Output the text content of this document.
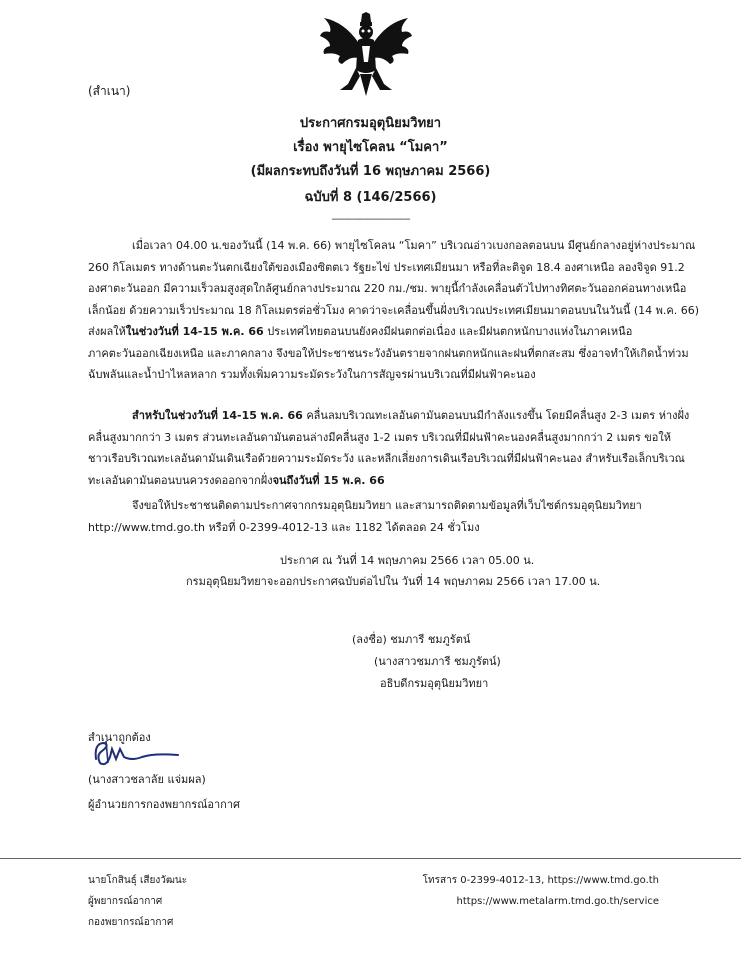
(สำเนา)
ประกาศกรมอุตุนิยมวิทยา
เรื่อง พายุไซโคลน “โมคา”
(มีผลกระทบถึงวันที่ 16 พฤษภาคม 2566)
ฉบับที่ 8 (146/2566)
------------------------------
เมื่อเวลา 04.00 น.ของวันนี้ (14 พ.ค. 66) พายุไซโคลน “โมคา” บริเวณอ่าวเบงกอลตอนบน มีศูนย์กลางอยู่ห่างประมาณ
260 กิโลเมตร ทางด้านตะวันตกเฉียงใต้ของเมืองซิตตเว รัฐยะไข่ ประเทศเมียนมา หรือที่ละติจูด 18.4 องศาเหนือ ลองจิจูด 91.2
องศาตะวันออก มีความเร็วลมสูงสุดใกล้ศูนย์กลางประมาณ 220 กม./ชม. พายุนี้กำลังเคลื่อนตัวไปทางทิศตะวันออกค่อนทางเหนือ
เล็กน้อย ด้วยความเร็วประมาณ 18 กิโลเมตรต่อชั่วโมง คาดว่าจะเคลื่อนขึ้นฝั่งบริเวณประเทศเมียนมาตอนบนในวันนี้ (14 พ.ค. 66)
ส่งผลให้ในช่วงวันที่ 14-15 พ.ค. 66 ประเทศไทยตอนบนยังคงมีฝนตกต่อเนื่อง และมีฝนตกหนักบางแห่งในภาคเหนือ
ภาคตะวันออกเฉียงเหนือ และภาคกลาง จึงขอให้ประชาชนระวังอันตรายจากฝนตกหนักและฝนที่ตกสะสม ซึ่งอาจทำให้เกิดน้ำท่วม
ฉับพลันและน้ำป่าไหลหลาก รวมทั้งเพิ่มความระมัดระวังในการสัญจรผ่านบริเวณที่มีฝนฟ้าคะนอง
สำหรับในช่วงวันที่ 14-15 พ.ค. 66 คลื่นลมบริเวณทะเลอันดามันตอนบนมีกำลังแรงขึ้น โดยมีคลื่นสูง 2-3 เมตร ห่างฝั่ง
คลื่นสูงมากกว่า 3 เมตร ส่วนทะเลอันดามันตอนล่างมีคลื่นสูง 1-2 เมตร บริเวณที่มีฝนฟ้าคะนองคลื่นสูงมากกว่า 2 เมตร ขอให้
ชาวเรือบริเวณทะเลอันดามันเดินเรือด้วยความระมัดระวัง และหลีกเลี่ยงการเดินเรือบริเวณที่มีฝนฟ้าคะนอง สำหรับเรือเล็กบริเวณ
ทะเลอันดามันตอนบนควรงดออกจากฝั่งจนถึงวันที่ 15 พ.ค. 66
จึงขอให้ประชาชนติดตามประกาศจากกรมอุตุนิยมวิทยา และสามารถติดตามข้อมูลที่เว็บไซต์กรมอุตุนิยมวิทยา
http://www.tmd.go.th หรือที่ 0-2399-4012-13 และ 1182 ได้ตลอด 24 ชั่วโมง
ประกาศ ณ วันที่ 14 พฤษภาคม 2566 เวลา 05.00 น.
กรมอุตุนิยมวิทยาจะออกประกาศฉบับต่อไปใน วันที่ 14 พฤษภาคม 2566 เวลา 17.00 น.
(ลงชื่อ) ชมภารี ชมภูรัตน์
(นางสาวชมภารี ชมภูรัตน์)
อธิบดีกรมอุตุนิยมวิทยา
สำเนาถูกต้อง
(นางสาวชลาลัย แจ่มผล)
ผู้อำนวยการกองพยากรณ์อากาศ
นายโกสินธุ์ เสียงวัฒนะ
ผู้พยากรณ์อากาศ
กองพยากรณ์อากาศ
โทรสาร 0-2399-4012-13, https://www.tmd.go.th
https://www.metalarm.tmd.go.th/service
